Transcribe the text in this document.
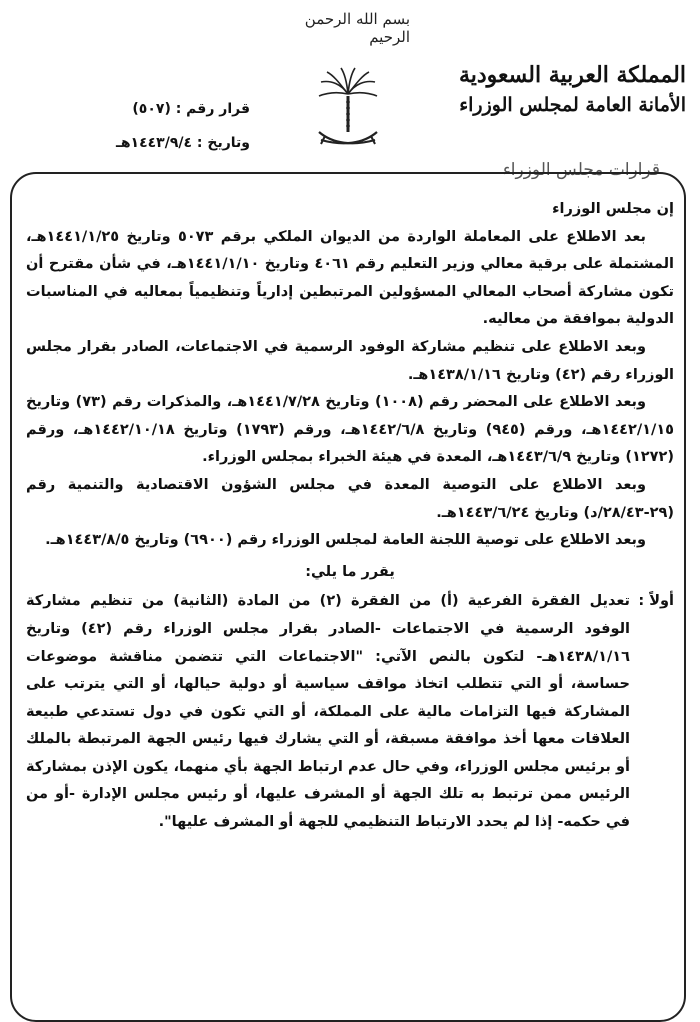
بسم الله الرحمن الرحيم
المملكة العربية السعودية
الأمانة العامة لمجلس الوزراء
قرارات مجلس الوزراء
قرار رقم : (٥٠٧)
وتاريخ : ١٤٤٣/٩/٤هـ

إن مجلس الوزراء

بعد الاطلاع على المعاملة الواردة من الديوان الملكي برقم ٥٠٧٣ وتاريخ ١٤٤١/١/٢٥هـ، المشتملة على برقية معالي وزير التعليم رقم ٤٠٦١ وتاريخ ١٤٤١/١/١٠هـ، في شأن مقترح أن تكون مشاركة أصحاب المعالي المسؤولين المرتبطين إدارياً وتنظيمياً بمعاليه في المناسبات الدولية بموافقة من معاليه.

وبعد الاطلاع على تنظيم مشاركة الوفود الرسمية في الاجتماعات، الصادر بقرار مجلس الوزراء رقم (٤٢) وتاريخ ١٤٣٨/١/١٦هـ.

وبعد الاطلاع على المحضر رقم (١٠٠٨) وتاريخ ١٤٤١/٧/٢٨هـ، والمذكرات رقم (٧٣) وتاريخ ١٤٤٢/١/١٥هـ، ورقم (٩٤٥) وتاريخ ١٤٤٢/٦/٨هـ، ورقم (١٧٩٣) وتاريخ ١٤٤٢/١٠/١٨هـ، ورقم (١٢٧٢) وتاريخ ١٤٤٣/٦/٩هـ، المعدة في هيئة الخبراء بمجلس الوزراء.

وبعد الاطلاع على التوصية المعدة في مجلس الشؤون الاقتصادية والتنمية رقم (٢٩-٢٨/٤٣/د) وتاريخ ١٤٤٣/٦/٢٤هـ.

وبعد الاطلاع على توصية اللجنة العامة لمجلس الوزراء رقم (٦٩٠٠) وتاريخ ١٤٤٣/٨/٥هـ.

يقرر ما يلي:

أولاً :

تعديل الفقرة الفرعية (أ) من الفقرة (٢) من المادة (الثانية) من تنظيم مشاركة الوفود الرسمية في الاجتماعات -الصادر بقرار مجلس الوزراء رقم (٤٢) وتاريخ ١٤٣٨/١/١٦هـ- لتكون بالنص الآتي: "الاجتماعات التي تتضمن مناقشة موضوعات حساسة، أو التي تتطلب اتخاذ مواقف سياسية أو دولية حيالها، أو التي يترتب على المشاركة فيها التزامات مالية على المملكة، أو التي تكون في دول تستدعي طبيعة العلاقات معها أخذ موافقة مسبقة، أو التي يشارك فيها رئيس الجهة المرتبطة بالملك أو برئيس مجلس الوزراء، وفي حال عدم ارتباط الجهة بأي منهما، يكون الإذن بمشاركة الرئيس ممن ترتبط به تلك الجهة أو المشرف عليها، أو رئيس مجلس الإدارة -أو من في حكمه- إذا لم يحدد الارتباط التنظيمي للجهة أو المشرف عليها".
